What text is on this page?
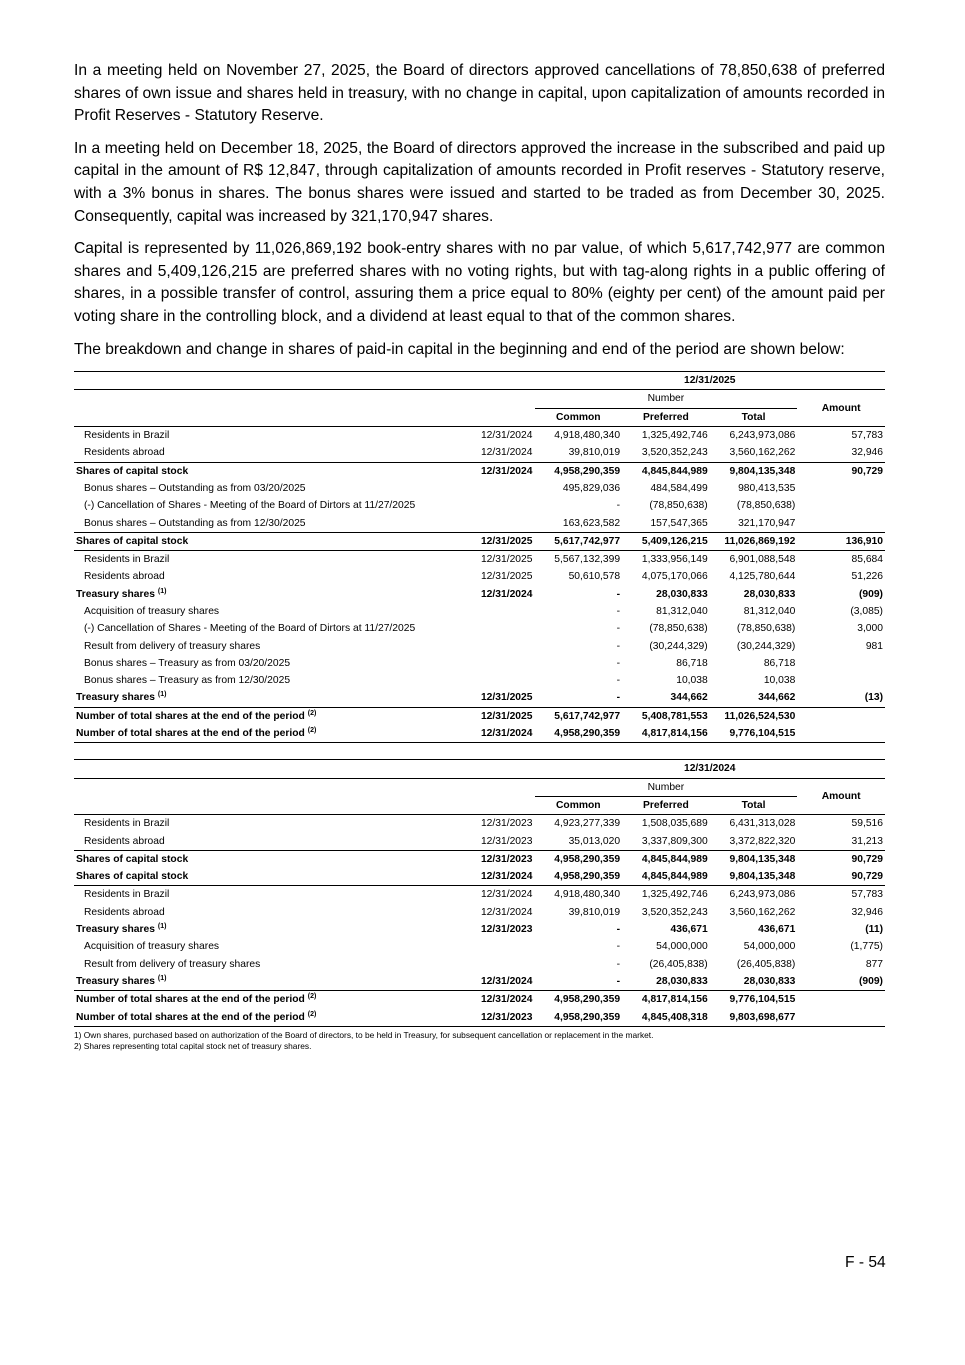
In a meeting held on November 27, 2025, the Board of directors approved cancellations of 78,850,638 of preferred shares of own issue and shares held in treasury, with no change in capital, upon capitalization of amounts recorded in Profit Reserves - Statutory Reserve.

In a meeting held on December 18, 2025, the Board of directors approved the increase in the subscribed and paid up capital in the amount of R$ 12,847, through capitalization of amounts recorded in Profit reserves - Statutory reserve, with a 3% bonus in shares. The bonus shares were issued and started to be traded as from December 30, 2025. Consequently, capital was increased by 321,170,947 shares.

Capital is represented by 11,026,869,192 book-entry shares with no par value, of which 5,617,742,977 are common shares and 5,409,126,215 are preferred shares with no voting rights, but with tag-along rights in a public offering of shares, in a possible transfer of control, assuring them a price equal to 80% (eighty per cent) of the amount paid per voting share in the controlling block, and a dividend at least equal to that of the common shares.

The breakdown and change in shares of paid-in capital in the beginning and end of the period are shown below:

		12/31/2025			
		Number			Amount
		Common	Preferred	Total	
Residents in Brazil	12/31/2024	4,918,480,340	1,325,492,746	6,243,973,086	57,783
Residents abroad	12/31/2024	39,810,019	3,520,352,243	3,560,162,262	32,946
Shares of capital stock	12/31/2024	4,958,290,359	4,845,844,989	9,804,135,348	90,729
Bonus shares – Outstanding as from 03/20/2025		495,829,036	484,584,499	980,413,535	
(-) Cancellation of Shares - Meeting of the Board of Dirtors at 11/27/2025		-	(78,850,638)	(78,850,638)	
Bonus shares – Outstanding as from 12/30/2025		163,623,582	157,547,365	321,170,947	
Shares of capital stock	12/31/2025	5,617,742,977	5,409,126,215	11,026,869,192	136,910
Residents in Brazil	12/31/2025	5,567,132,399	1,333,956,149	6,901,088,548	85,684
Residents abroad	12/31/2025	50,610,578	4,075,170,066	4,125,780,644	51,226
Treasury shares $^{(1)}$	12/31/2024	-	28,030,833	28,030,833	(909)
Acquisition of treasury shares		-	81,312,040	81,312,040	(3,085)
(-) Cancellation of Shares - Meeting of the Board of Dirtors at 11/27/2025		-	(78,850,638)	(78,850,638)	3,000
Result from delivery of treasury shares		-	(30,244,329)	(30,244,329)	981
Bonus shares – Treasury as from 03/20/2025		-	86,718	86,718	
Bonus shares – Treasury as from 12/30/2025		-	10,038	10,038	
Treasury shares $^{(1)}$	12/31/2025	-	344,662	344,662	(13)
Number of total shares at the end of the period $^{(2)}$	12/31/2025	5,617,742,977	5,408,781,553	11,026,524,530	
Number of total shares at the end of the period $^{(2)}$	12/31/2024	4,958,290,359	4,817,814,156	9,776,104,515	

		12/31/2024			
		Number			Amount
		Common	Preferred	Total	
Residents in Brazil	12/31/2023	4,923,277,339	1,508,035,689	6,431,313,028	59,516
Residents abroad	12/31/2023	35,013,020	3,337,809,300	3,372,822,320	31,213
Shares of capital stock	12/31/2023	4,958,290,359	4,845,844,989	9,804,135,348	90,729
Shares of capital stock	12/31/2024	4,958,290,359	4,845,844,989	9,804,135,348	90,729
Residents in Brazil	12/31/2024	4,918,480,340	1,325,492,746	6,243,973,086	57,783
Residents abroad	12/31/2024	39,810,019	3,520,352,243	3,560,162,262	32,946
Treasury shares $^{(1)}$	12/31/2023	-	436,671	436,671	(11)
Acquisition of treasury shares		-	54,000,000	54,000,000	(1,775)
Result from delivery of treasury shares		-	(26,405,838)	(26,405,838)	877
Treasury shares $^{(1)}$	12/31/2024	-	28,030,833	28,030,833	(909)
Number of total shares at the end of the period $^{(2)}$	12/31/2024	4,958,290,359	4,817,814,156	9,776,104,515	
Number of total shares at the end of the period $^{(2)}$	12/31/2023	4,958,290,359	4,845,408,318	9,803,698,677	
1) Own shares, purchased based on authorization of the Board of directors, to be held in Treasury, for subsequent cancellation or replacement in the market.
2) Shares representing total capital stock net of treasury shares.
F - 54
